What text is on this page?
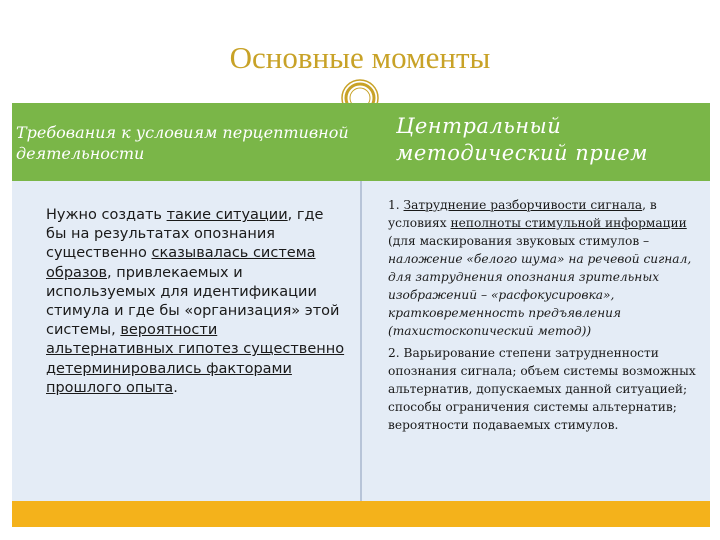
Основные моменты
Требования к условиям перцептивной деятельности
Центральный методический прием
Нужно создать такие ситуации, где бы на результатах опознания существенно сказывалась система образов, привлекаемых и используемых для идентификации стимула и где бы «организация» этой системы, вероятности альтернативных гипотез существенно детерминировались факторами прошлого опыта.

1. Затруднение разборчивости сигнала, в условиях неполноты стимульной информации (для маскирования звуковых стимулов – наложение «белого шума» на речевой сигнал, для затруднения опознания зрительных изображений – «расфокусировка», кратковременность предъявления (тахистоскопический метод))

2. Варьирование степени затрудненности опознания сигнала; объем системы возможных альтернатив, допускаемых данной ситуацией; способы ограничения системы альтернатив; вероятности подаваемых стимулов.
